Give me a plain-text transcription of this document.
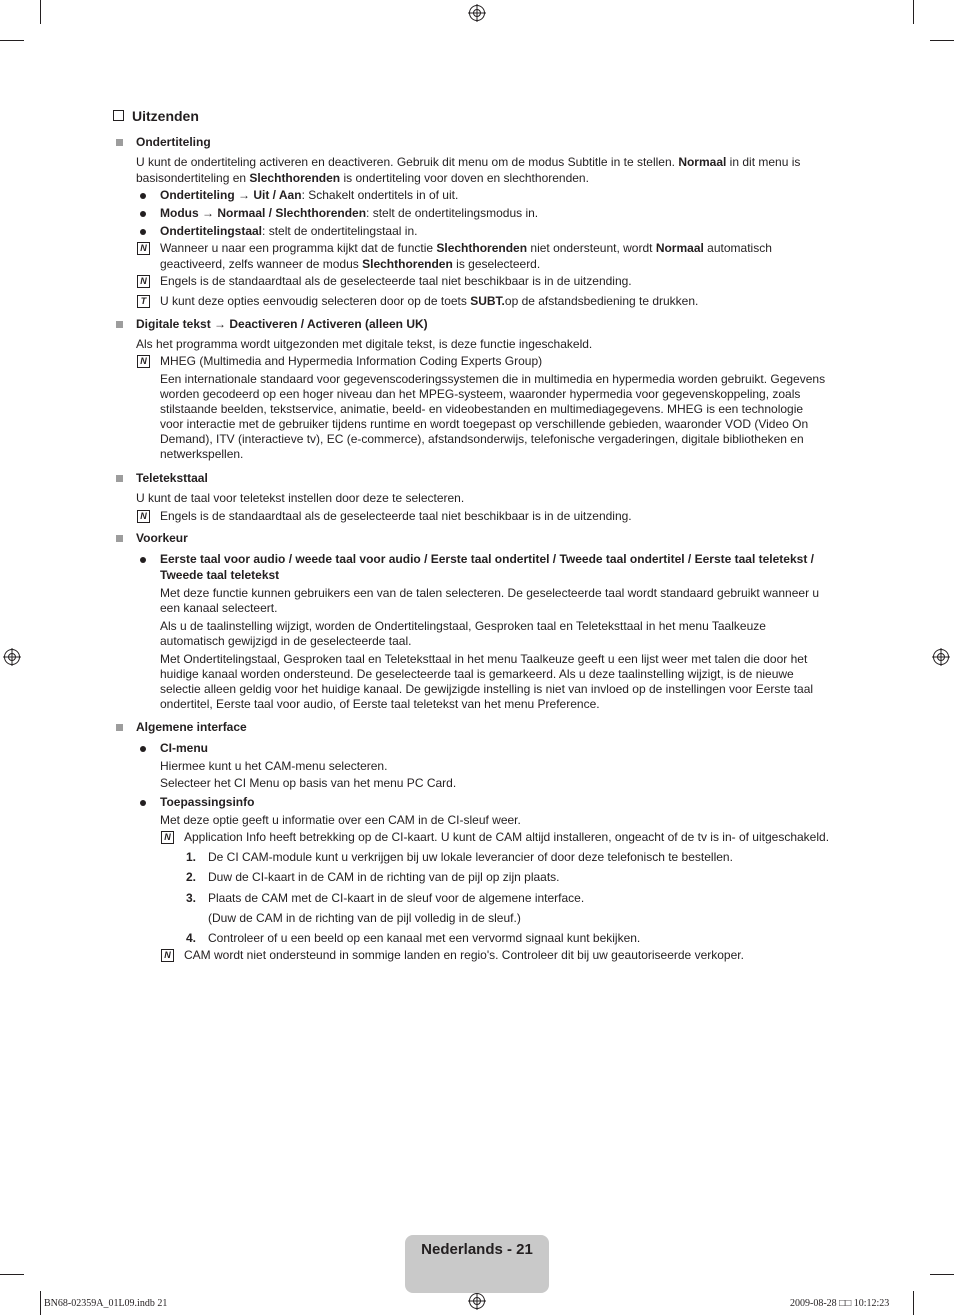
Uitzenden
Ondertiteling
U kunt de ondertiteling activeren en deactiveren. Gebruik dit menu om de modus Subtitle in te stellen. Normaal in dit menu is
basisondertiteling en Slechthorenden is ondertiteling voor doven en slechthorenden.
Ondertiteling → Uit / Aan: Schakelt ondertitels in of uit.
Modus → Normaal / Slechthorenden: stelt de ondertitelingsmodus in.
Ondertitelingstaal: stelt de ondertitelingstaal in.
N Wanneer u naar een programma kijkt dat de functie Slechthorenden niet ondersteunt, wordt Normaal automatisch
geactiveerd, zelfs wanneer de modus Slechthorenden is geselecteerd.
N Engels is de standaardtaal als de geselecteerde taal niet beschikbaar is in de uitzending.
T	U kunt deze opties eenvoudig selecteren door op de toets SUBT.op de afstandsbediening te drukken.
Digitale tekst → Deactiveren / Activeren (alleen UK)
Als het programma wordt uitgezonden met digitale tekst, is deze functie ingeschakeld.
N MHEG (Multimedia and Hypermedia Information Coding Experts Group)
Een internationale standaard voor gegevenscoderingssystemen die in multimedia en hypermedia worden gebruikt. Gegevens
worden gecodeerd op een hoger niveau dan het MPEG-systeem, waaronder hypermedia voor gegevenskoppeling, zoals
stilstaande beelden, tekstservice, animatie, beeld- en videobestanden en multimediagegevens. MHEG is een technologie
voor interactie met de gebruiker tijdens runtime en wordt toegepast op verschillende gebieden, waaronder VOD (Video On
Demand), ITV (interactieve tv), EC (e-commerce), afstandsonderwijs, telefonische vergaderingen, digitale bibliotheken en
netwerkspellen.
Teleteksttaal
U kunt de taal voor teletekst instellen door deze te selecteren.
N Engels is de standaardtaal als de geselecteerde taal niet beschikbaar is in de uitzending.
Voorkeur
Eerste taal voor audio / weede taal voor audio / Eerste taal ondertitel / Tweede taal ondertitel / Eerste taal teletekst /
Tweede taal teletekst
Met deze functie kunnen gebruikers een van de talen selecteren. De geselecteerde taal wordt standaard gebruikt wanneer u
een kanaal selecteert.
Als u de taalinstelling wijzigt, worden de Ondertitelingstaal, Gesproken taal en Teleteksttaal in het menu Taalkeuze
automatisch gewijzigd in de geselecteerde taal.
Met Ondertitelingstaal, Gesproken taal en Teleteksttaal in het menu Taalkeuze geeft u een lijst weer met talen die door het
huidige kanaal worden ondersteund. De geselecteerde taal is gemarkeerd. Als u deze taalinstelling wijzigt, is de nieuwe
selectie alleen geldig voor het huidige kanaal. De gewijzigde instelling is niet van invloed op de instellingen voor Eerste taal
ondertitel, Eerste taal voor audio, of Eerste taal teletekst van het menu Preference.
Algemene interface
CI-menu
Hiermee kunt u het CAM-menu selecteren.
Selecteer het CI Menu op basis van het menu PC Card.
Toepassingsinfo
Met deze optie geeft u informatie over een CAM in de CI-sleuf weer.
N Application Info heeft betrekking op de CI-kaart. U kunt de CAM altijd installeren, ongeacht of de tv is in- of uitgeschakeld.
1. De CI CAM-module kunt u verkrijgen bij uw lokale leverancier of door deze telefonisch te bestellen.
2. Duw de CI-kaart in de CAM in de richting van de pijl op zijn plaats.
3. Plaats de CAM met de CI-kaart in de sleuf voor de algemene interface.
(Duw de CAM in de richting van de pijl volledig in de sleuf.)
4. Controleer of u een beeld op een kanaal met een vervormd signaal kunt bekijken.
N CAM wordt niet ondersteund in sommige landen en regio's. Controleer dit bij uw geautoriseerde verkoper.
Nederlands - 21
BN68-02359A_01L09.indb 21	2009-08-28 □□ 10:12:23
